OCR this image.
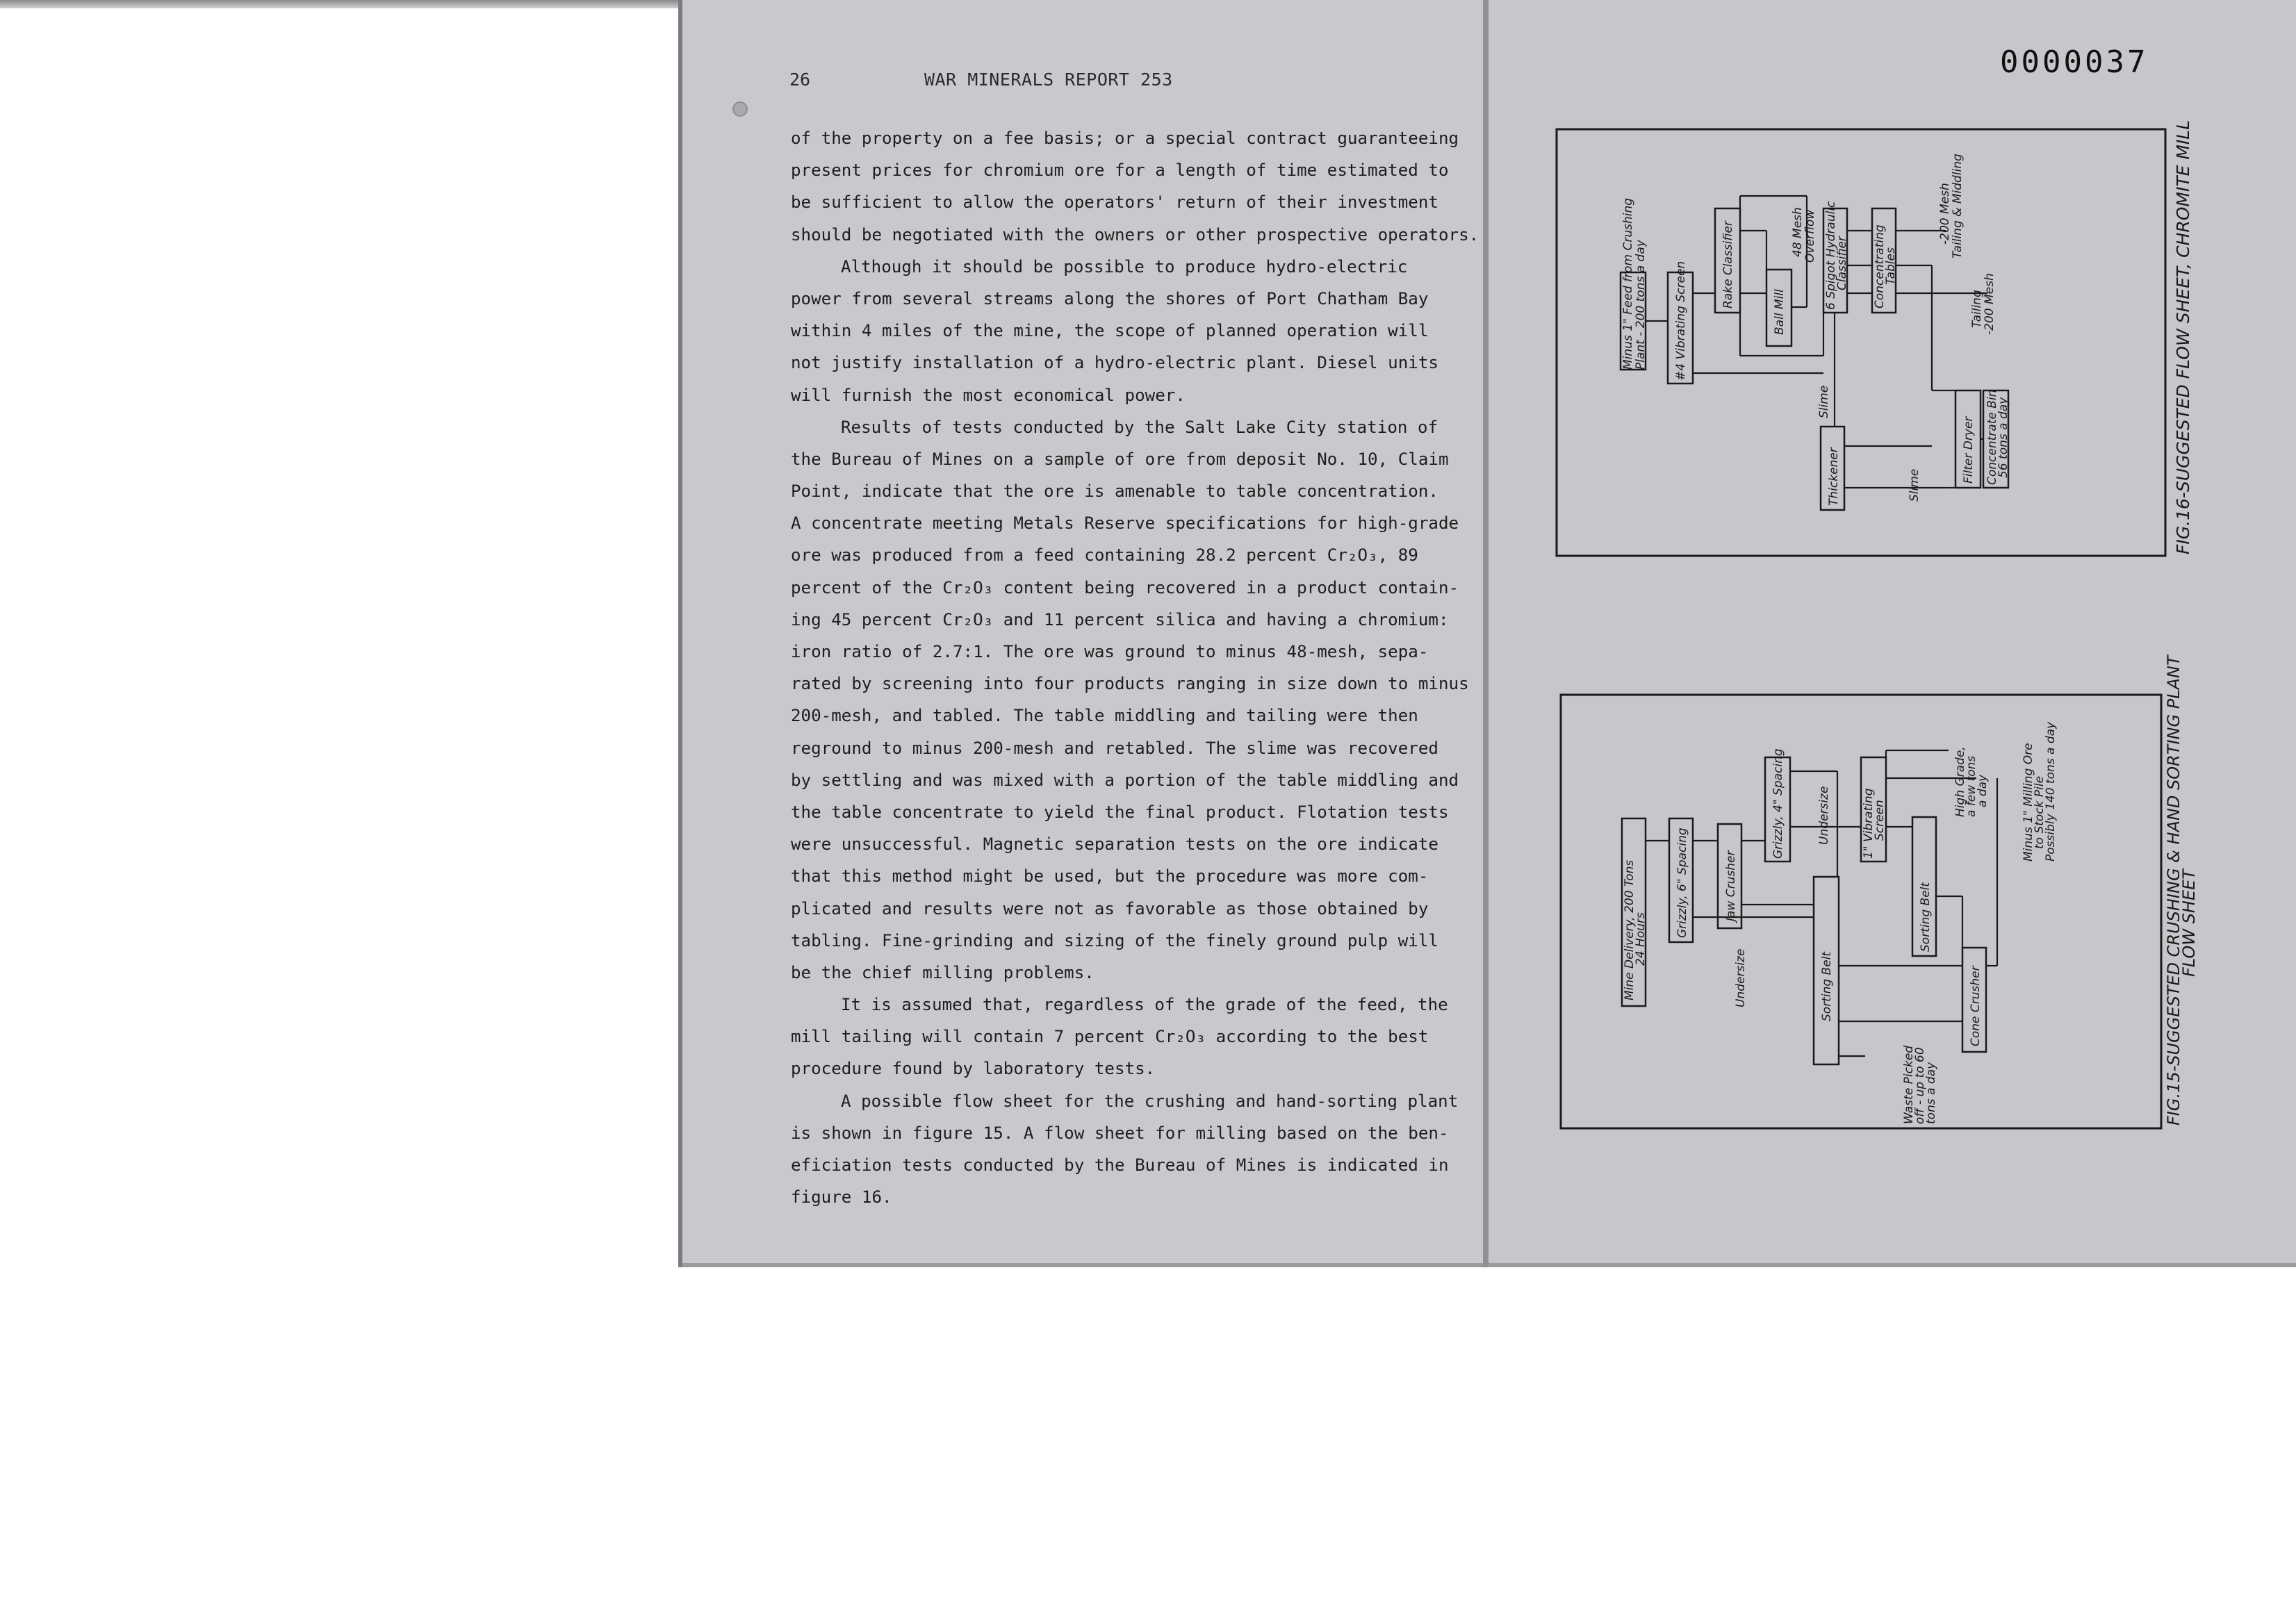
26	WAR MINERALS REPORT 253
of the property on a fee basis; or a special contract guaranteeing
present prices for chromium ore for a length of time estimated to
be sufficient to allow the operators' return of their investment
should be negotiated with the owners or other prospective operators.
Although it should be possible to produce hydro-electric
power from several streams along the shores of Port Chatham Bay
within 4 miles of the mine, the scope of planned operation will
not justify installation of a hydro-electric plant. Diesel units
will furnish the most economical power.
Results of tests conducted by the Salt Lake City station of
the Bureau of Mines on a sample of ore from deposit No. 10, Claim
Point, indicate that the ore is amenable to table concentration.
A concentrate meeting Metals Reserve specifications for high-grade
ore was produced from a feed containing 28.2 percent Cr₂O₃, 89
percent of the Cr₂O₃ content being recovered in a product contain-
ing 45 percent Cr₂O₃ and 11 percent silica and having a chromium:
iron ratio of 2.7:1. The ore was ground to minus 48-mesh, sepa-
rated by screening into four products ranging in size down to minus
200-mesh, and tabled. The table middling and tailing were then
reground to minus 200-mesh and retabled. The slime was recovered
by settling and was mixed with a portion of the table middling and
the table concentrate to yield the final product. Flotation tests
were unsuccessful. Magnetic separation tests on the ore indicate
that this method might be used, but the procedure was more com-
plicated and results were not as favorable as those obtained by
tabling. Fine-grinding and sizing of the finely ground pulp will
be the chief milling problems.
It is assumed that, regardless of the grade of the feed, the
mill tailing will contain 7 percent Cr₂O₃ according to the best
procedure found by laboratory tests.
A possible flow sheet for the crushing and hand-sorting plant
is shown in figure 15. A flow sheet for milling based on the ben-
eficiation tests conducted by the Bureau of Mines is indicated in
figure 16.
0000037
Minus 1" Feed from Crushing
Plant - 200 tons a day #4 Vibrating Screen	Rake Classifier
Ball Mill
48 Mesh
Overflow 6 Spigot Hydraulic
Classifier Concentrating
Tables
-200 Mesh
Tailing & Middling
Tailing
-200 Mesh
Slime
Thickener	Slime
Filter Dryer Concentrate Bin
56 tons a day	FIG.16-SUGGESTED FLOW SHEET, CHROMITE MILL
Mine Delivery, 200 Tons
24 Hours
Grizzly, 6" Spacing	Jaw Crusher
Grizzly, 4" Spacing
Undersize
Undersize	1" Vibrating
Screen
Sorting Belt
Sorting Belt
Cone Crusher
Waste Picked
off - up to 60
tons a day
High Grade,
a few tons
a day	Minus 1" Milling Ore
to Stock Pile
Possibly 140 tons a day	FIG.15-SUGGESTED CRUSHING & HAND SORTING PLANT
FLOW SHEET
